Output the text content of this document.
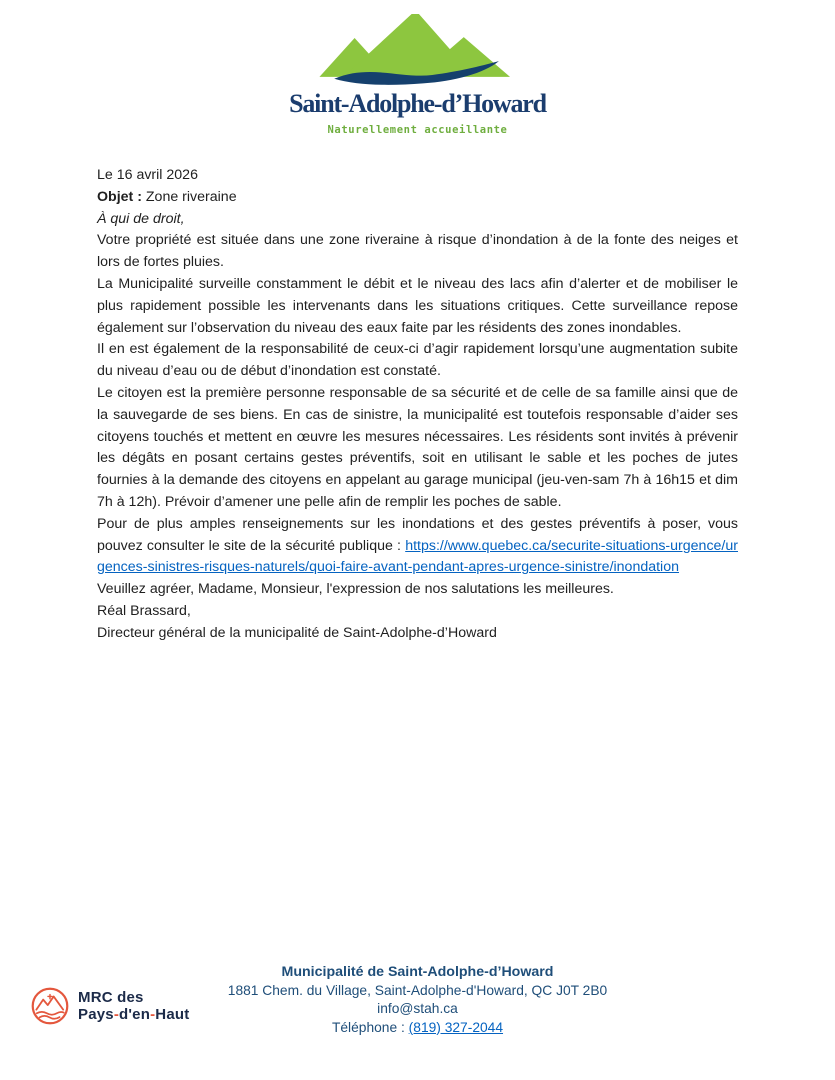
Saint-Adolphe-d’Howard
Naturellement accueillante

Le 16 avril 2026

Objet : Zone riveraine

À qui de droit,

Votre propriété est située dans une zone riveraine à risque d’inondation à de la fonte des neiges et lors de fortes pluies.

La Municipalité surveille constamment le débit et le niveau des lacs afin d’alerter et de mobiliser le plus rapidement possible les intervenants dans les situations critiques. Cette surveillance repose également sur l’observation du niveau des eaux faite par les résidents des zones inondables.

Il en est également de la responsabilité de ceux-ci d’agir rapidement lorsqu’une augmentation subite du niveau d’eau ou de début d’inondation est constaté.

Le citoyen est la première personne responsable de sa sécurité et de celle de sa famille ainsi que de la sauvegarde de ses biens. En cas de sinistre, la municipalité est toutefois responsable d’aider ses citoyens touchés et mettent en œuvre les mesures nécessaires. Les résidents sont invités à prévenir les dégâts en posant certains gestes préventifs, soit en utilisant le sable et les poches de jutes fournies à la demande des citoyens en appelant au garage municipal (jeu-ven-sam 7h à 16h15 et dim 7h à 12h). Prévoir d’amener une pelle afin de remplir les poches de sable.

Pour de plus amples renseignements sur les inondations et des gestes préventifs à poser, vous pouvez consulter le site de la sécurité publique : https://www.quebec.ca/securite-situations-urgence/urgences-sinistres-risques-naturels/quoi-faire-avant-pendant-apres-urgence-sinistre/inondation

Veuillez agréer, Madame, Monsieur, l'expression de nos salutations les meilleures.

Réal Brassard,
Directeur général de la municipalité de Saint-Adolphe-d’Howard

MRC des
Pays-d'en-Haut
Municipalité de Saint-Adolphe-d’Howard
1881 Chem. du Village, Saint-Adolphe-d'Howard, QC J0T 2B0
info@stah.ca
Téléphone : (819) 327-2044
